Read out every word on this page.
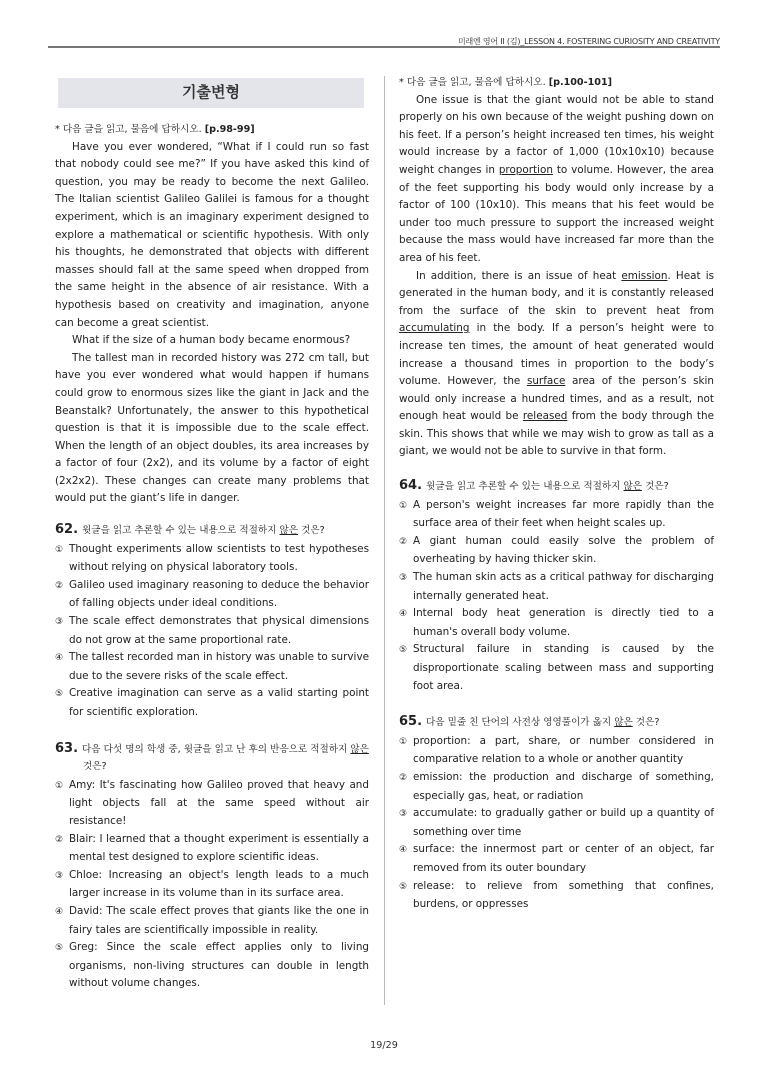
미래엔 영어 II (김)_LESSON 4. FOSTERING CURIOSITY AND CREATIVITY
기출변형

* 다음 글을 읽고, 물음에 답하시오. [p.98-99]

Have you ever wondered, “What if I could run so fast that nobody could see me?” If you have asked this kind of question, you may be ready to become the next Galileo. The Italian scientist Galileo Galilei is famous for a thought experiment, which is an imaginary experiment designed to explore a mathematical or scientific hypothesis. With only his thoughts, he demonstrated that objects with different masses should fall at the same speed when dropped from the same height in the absence of air resistance. With a hypothesis based on creativity and imagination, anyone can become a great scientist.

What if the size of a human body became enormous?

The tallest man in recorded history was 272 cm tall, but have you ever wondered what would happen if humans could grow to enormous sizes like the giant in Jack and the Beanstalk? Unfortunately, the answer to this hypothetical question is that it is impossible due to the scale effect. When the length of an object doubles, its area increases by a factor of four (2x2), and its volume by a factor of eight (2x2x2). These changes can create many problems that would put the giant’s life in danger.

62. 윗글을 읽고 추론할 수 있는 내용으로 적절하지 않은 것은?

① Thought experiments allow scientists to test hypotheses without relying on physical laboratory tools.

② Galileo used imaginary reasoning to deduce the behavior of falling objects under ideal conditions.

③ The scale effect demonstrates that physical dimensions do not grow at the same proportional rate.

④ The tallest recorded man in history was unable to survive due to the severe risks of the scale effect.

⑤ Creative imagination can serve as a valid starting point for scientific exploration.

63. 다음 다섯 명의 학생 중, 윗글을 읽고 난 후의 반응으로 적절하지 않은 것은?

① Amy: It's fascinating how Galileo proved that heavy and light objects fall at the same speed without air resistance!

② Blair: I learned that a thought experiment is essentially a mental test designed to explore scientific ideas.

③ Chloe: Increasing an object's length leads to a much larger increase in its volume than in its surface area.

④ David: The scale effect proves that giants like the one in fairy tales are scientifically impossible in reality.

⑤ Greg: Since the scale effect applies only to living organisms, non-living structures can double in length without volume changes.

* 다음 글을 읽고, 물음에 답하시오. [p.100-101]

One issue is that the giant would not be able to stand properly on his own because of the weight pushing down on his feet. If a person’s height increased ten times, his weight would increase by a factor of 1,000 (10x10x10) because weight changes in proportion to volume. However, the area of the feet supporting his body would only increase by a factor of 100 (10x10). This means that his feet would be under too much pressure to support the increased weight because the mass would have increased far more than the area of his feet.

In addition, there is an issue of heat emission. Heat is generated in the human body, and it is constantly released from the surface of the skin to prevent heat from accumulating in the body. If a person’s height were to increase ten times, the amount of heat generated would increase a thousand times in proportion to the body’s volume. However, the surface area of the person’s skin would only increase a hundred times, and as a result, not enough heat would be released from the body through the skin. This shows that while we may wish to grow as tall as a giant, we would not be able to survive in that form.

64. 윗글을 읽고 추론할 수 있는 내용으로 적절하지 않은 것은?

① A person's weight increases far more rapidly than the surface area of their feet when height scales up.

② A giant human could easily solve the problem of overheating by having thicker skin.

③ The human skin acts as a critical pathway for discharging internally generated heat.

④ Internal body heat generation is directly tied to a human's overall body volume.

⑤ Structural failure in standing is caused by the disproportionate scaling between mass and supporting foot area.

65. 다음 밑줄 친 단어의 사전상 영영풀이가 옳지 않은 것은?

① proportion: a part, share, or number considered in comparative relation to a whole or another quantity

② emission: the production and discharge of something, especially gas, heat, or radiation

③ accumulate: to gradually gather or build up a quantity of something over time

④ surface: the innermost part or center of an object, far removed from its outer boundary

⑤ release: to relieve from something that confines, burdens, or oppresses

19/29
